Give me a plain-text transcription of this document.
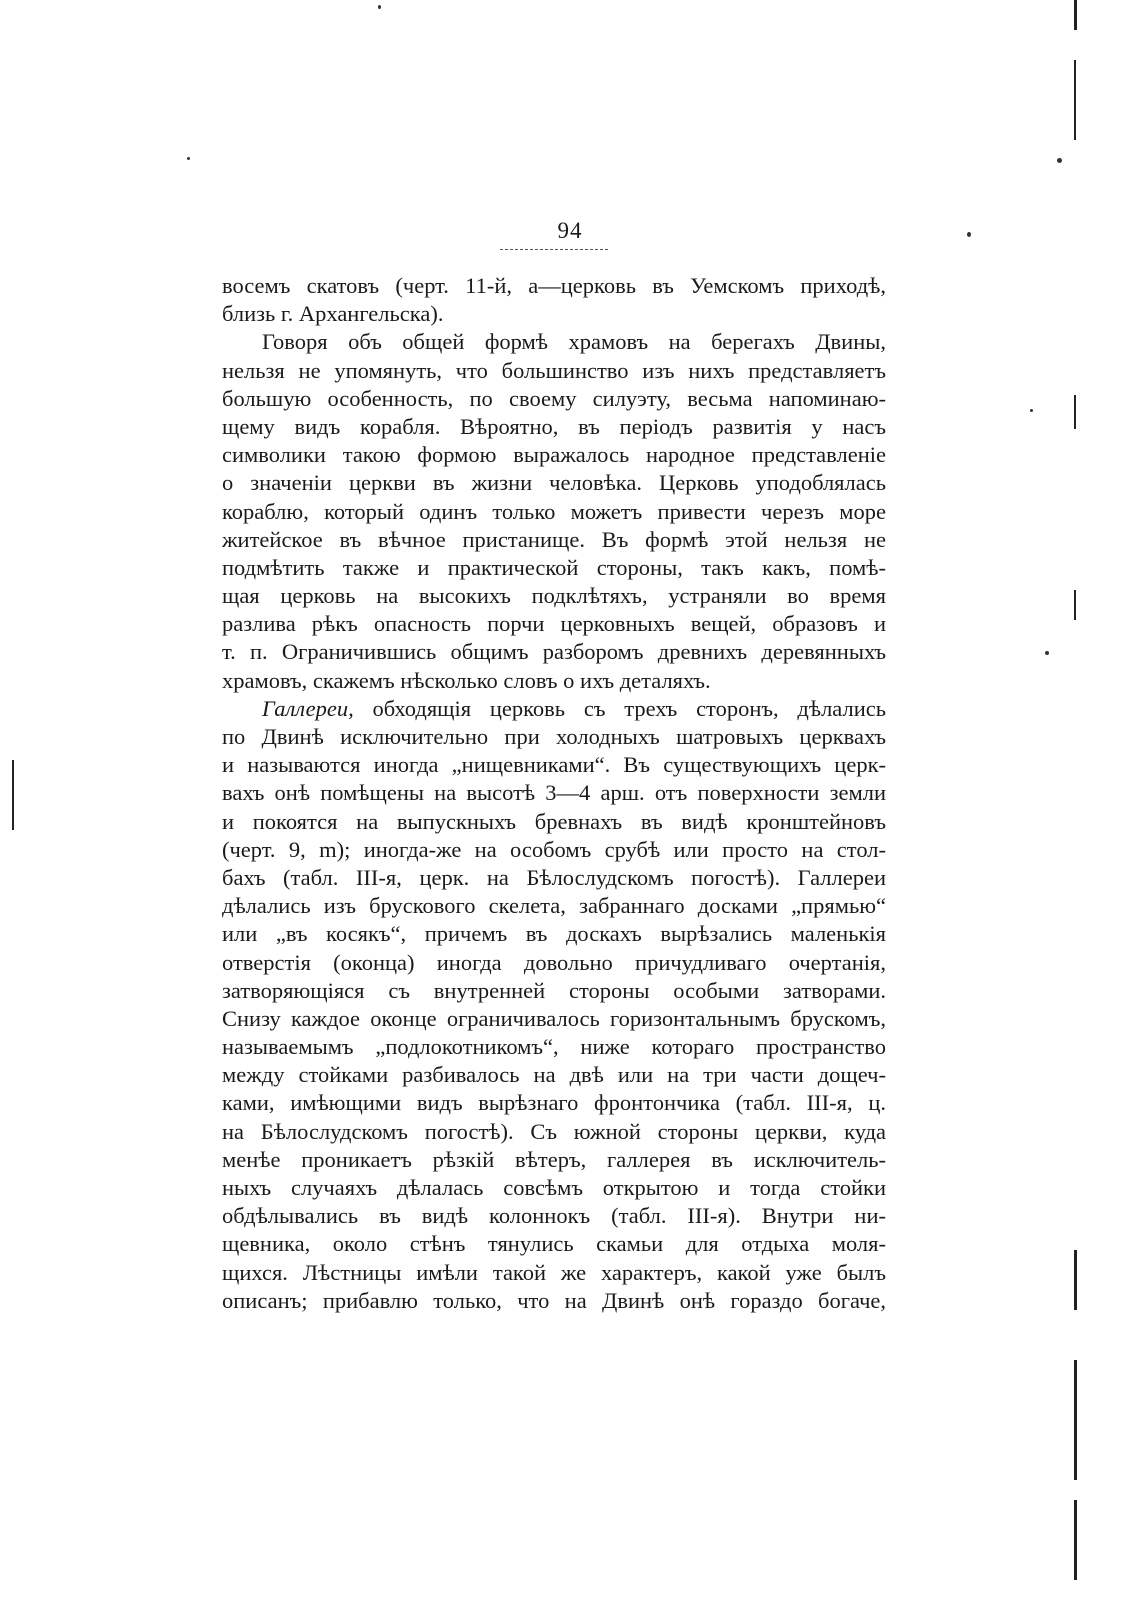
94
восемъ скатовъ (черт. 11-й, a—церковь въ Уемскомъ приходѣ,
близь г. Архангельска).
Говоря объ общей формѣ храмовъ на берегахъ Двины,
нельзя не упомянуть, что большинство изъ нихъ представляетъ
большую особенность, по своему силуэту, весьма напоминаю-
щему видъ корабля. Вѣроятно, въ періодъ развитія у насъ
символики такою формою выражалось народное представленіе
о значеніи церкви въ жизни человѣка. Церковь уподоблялась
кораблю, который одинъ только можетъ привести черезъ море
житейское въ вѣчное пристанище. Въ формѣ этой нельзя не
подмѣтить также и практической стороны, такъ какъ, помѣ-
щая церковь на высокихъ подклѣтяхъ, устраняли во время
разлива рѣкъ опасность порчи церковныхъ вещей, образовъ и
т. п. Ограничившись общимъ разборомъ древнихъ деревянныхъ
храмовъ, скажемъ нѣсколько словъ о ихъ деталяхъ.
Галлереи, обходящія церковь съ трехъ сторонъ, дѣлались
по Двинѣ исключительно при холодныхъ шатровыхъ церквахъ
и называются иногда „нищевниками“. Въ существующихъ церк-
вахъ онѣ помѣщены на высотѣ 3—4 арш. отъ поверхности земли
и покоятся на выпускныхъ бревнахъ въ видѣ кронштейновъ
(черт. 9, m); иногда-же на особомъ срубѣ или просто на стол-
бахъ (табл. III-я, церк. на Бѣлослудскомъ погостѣ). Галлереи
дѣлались изъ брускового скелета, забраннаго досками „прямью“
или „въ косякъ“, причемъ въ доскахъ вырѣзались маленькія
отверстія (оконца) иногда довольно причудливаго очертанія,
затворяющіяся съ внутренней стороны особыми затворами.
Снизу каждое оконце ограничивалось горизонтальнымъ брускомъ,
называемымъ „подлокотникомъ“, ниже котораго пространство
между стойками разбивалось на двѣ или на три части дощеч-
ками, имѣющими видъ вырѣзнаго фронтончика (табл. III-я, ц.
на Бѣлослудскомъ погостѣ). Съ южной стороны церкви, куда
менѣе проникаетъ рѣзкій вѣтеръ, галлерея въ исключитель-
ныхъ случаяхъ дѣлалась совсѣмъ открытою и тогда стойки
обдѣлывались въ видѣ колоннокъ (табл. III-я). Внутри ни-
щевника, около стѣнъ тянулись скамьи для отдыха моля-
щихся. Лѣстницы имѣли такой же характеръ, какой уже былъ
описанъ; прибавлю только, что на Двинѣ онѣ гораздо богаче,
